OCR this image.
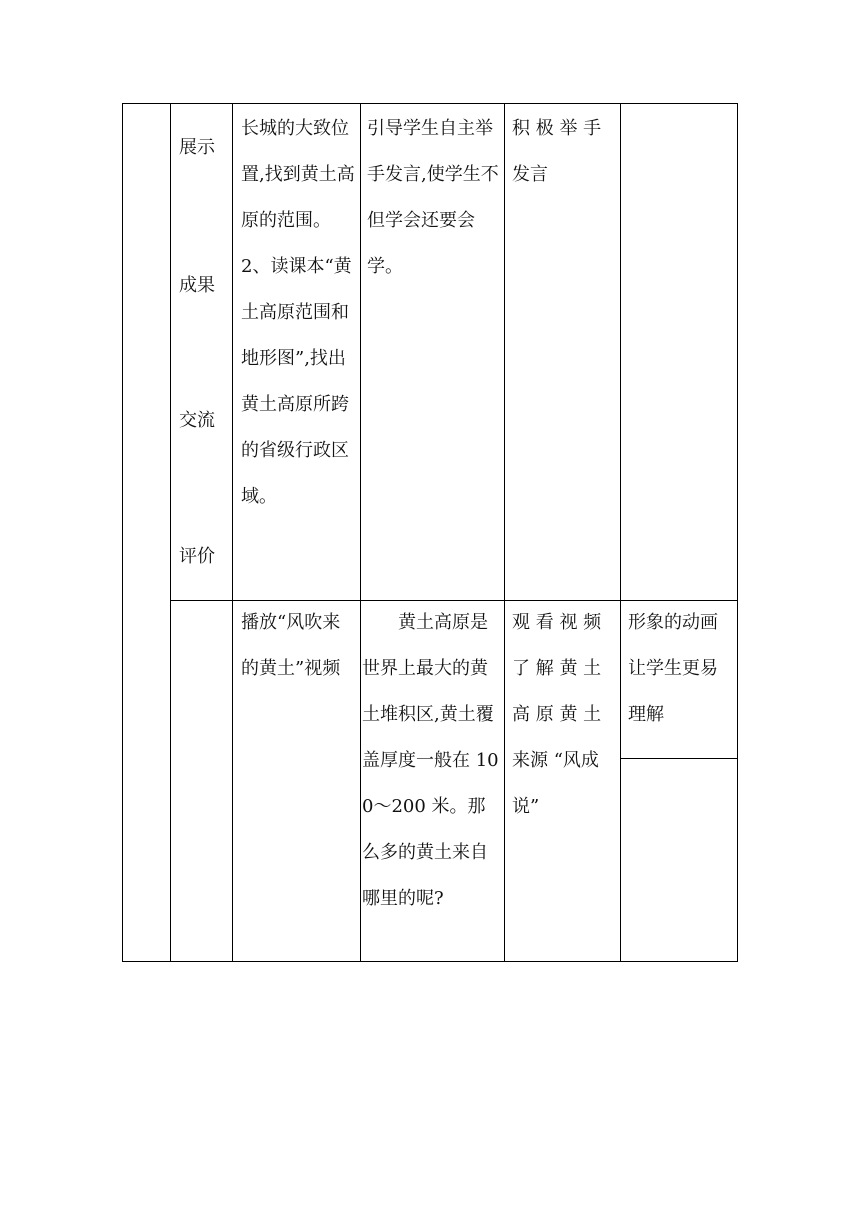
展示
成果
交流
评价
长城的大致位置,找到黄土高原的范围。
2、读课本“黄土高原范围和地形图”,找出黄土高原所跨的省级行政区域。
引导学生自主举手发言,使学生不但学会还要会学。
积 极 举 手发言
播放“风吹来的黄土”视频
　　黄土高原是世界上最大的黄土堆积区,黄土覆盖厚度一般在 100～200 米。那么多的黄土来自哪里的呢?
观 看 视 频了 解 黄 土高 原 黄 土来源 “风成说”
形象的动画让学生更易理解
